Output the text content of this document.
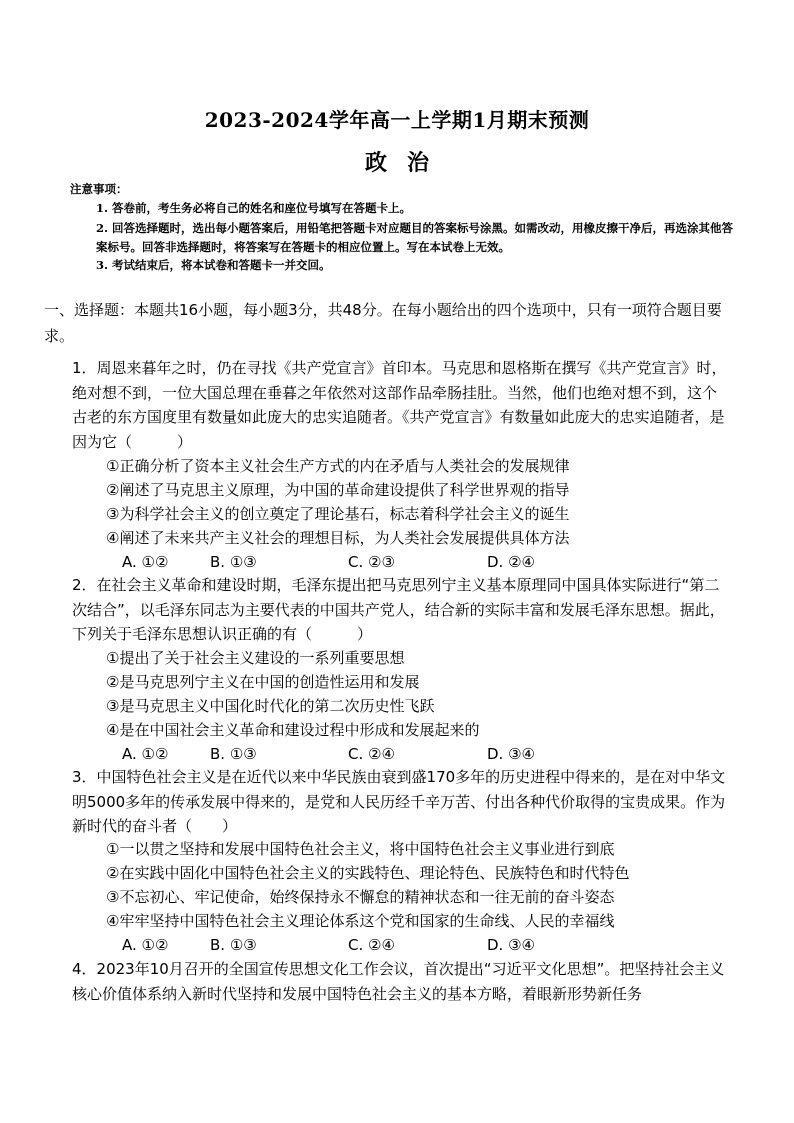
2023-2024学年高一上学期1月期末预测
政治
注意事项：
1. 答卷前，考生务必将自己的姓名和座位号填写在答题卡上。
2. 回答选择题时，选出每小题答案后，用铅笔把答题卡对应题目的答案标号涂黑。如需改动，用橡皮擦干净后，再选涂其他答案标号。回答非选择题时，将答案写在答题卡的相应位置上。写在本试卷上无效。
3. 考试结束后，将本试卷和答题卡一并交回。
一、选择题：本题共16小题，每小题3分，共48分。在每小题给出的四个选项中，只有一项符合题目要求。
1．周恩来暮年之时，仍在寻找《共产党宣言》首印本。马克思和恩格斯在撰写《共产党宣言》时，绝对想不到，一位大国总理在垂暮之年依然对这部作品牵肠挂肚。当然，他们也绝对想不到，这个古老的东方国度里有数量如此庞大的忠实追随者。《共产党宣言》有数量如此庞大的忠实追随者，是因为它（　　　）
①正确分析了资本主义社会生产方式的内在矛盾与人类社会的发展规律
②阐述了马克思主义原理，为中国的革命建设提供了科学世界观的指导
③为科学社会主义的创立奠定了理论基石，标志着科学社会主义的诞生
④阐述了未来共产主义社会的理想目标，为人类社会发展提供具体方法
A. ①②	B. ①③	C. ②③	D. ②④
2．在社会主义革命和建设时期，毛泽东提出把马克思列宁主义基本原理同中国具体实际进行“第二次结合”，以毛泽东同志为主要代表的中国共产党人，结合新的实际丰富和发展毛泽东思想。据此，下列关于毛泽东思想认识正确的有（　　　）
①提出了关于社会主义建设的一系列重要思想
②是马克思列宁主义在中国的创造性运用和发展
③是马克思主义中国化时代化的第二次历史性飞跃
④是在中国社会主义革命和建设过程中形成和发展起来的
A. ①②	B. ①③	C. ②④	D. ③④
3．中国特色社会主义是在近代以来中华民族由衰到盛170多年的历史进程中得来的，是在对中华文明5000多年的传承发展中得来的，是党和人民历经千辛万苦、付出各种代价取得的宝贵成果。作为新时代的奋斗者（　　）
①一以贯之坚持和发展中国特色社会主义，将中国特色社会主义事业进行到底
②在实践中固化中国特色社会主义的实践特色、理论特色、民族特色和时代特色
③不忘初心、牢记使命，始终保持永不懈怠的精神状态和一往无前的奋斗姿态
④牢牢坚持中国特色社会主义理论体系这个党和国家的生命线、人民的幸福线
A. ①②	B. ①③	C. ②④	D. ③④
4．2023年10月召开的全国宣传思想文化工作会议，首次提出“习近平文化思想”。把坚持社会主义核心价值体系纳入新时代坚持和发展中国特色社会主义的基本方略，着眼新形势新任务
